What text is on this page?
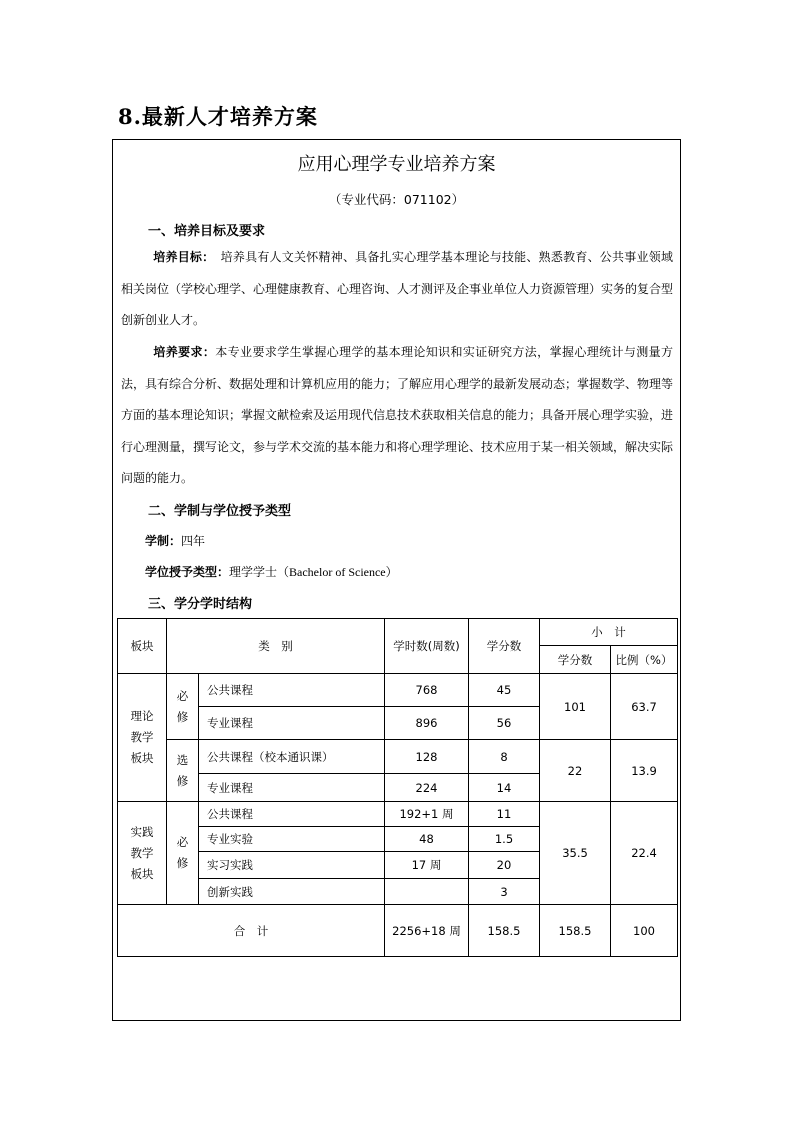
8.最新人才培养方案
应用心理学专业培养方案
（专业代码：071102）
一、培养目标及要求
培养目标：　 培养具有人文关怀精神、具备扎实心理学基本理论与技能、熟悉教育、公共事业领域相关岗位（学校心理学、心理健康教育、心理咨询、人才测评及企事业单位人力资源管理）实务的复合型创新创业人才。
培养要求：本专业要求学生掌握心理学的基本理论知识和实证研究方法，掌握心理统计与测量方法，具有综合分析、数据处理和计算机应用的能力；了解应用心理学的最新发展动态；掌握数学、物理等方面的基本理论知识；掌握文献检索及运用现代信息技术获取相关信息的能力；具备开展心理学实验，进行心理测量，撰写论文，参与学术交流的基本能力和将心理学理论、技术应用于某一相关领域，解决实际问题的能力。
二、学制与学位授予类型
学制：四年
学位授予类型：理学学士（Bachelor of Science）
三、学分学时结构
板块	类　别		学时数(周数)	学分数	小　计	
					学分数	比例（%）
理论教学板块	必修	公共课程	768	45	101	63.7
		专业课程	896	56		
	选修	公共课程（校本通识课）	128	8	22	13.9
		专业课程	224	14		
实践教学板块	必修	公共课程	192+1 周	11	35.5	22.4
		专业实验	48	1.5		
		实习实践	17 周	20		
		创新实践		3		
合　计			2256+18 周	158.5	158.5	100
